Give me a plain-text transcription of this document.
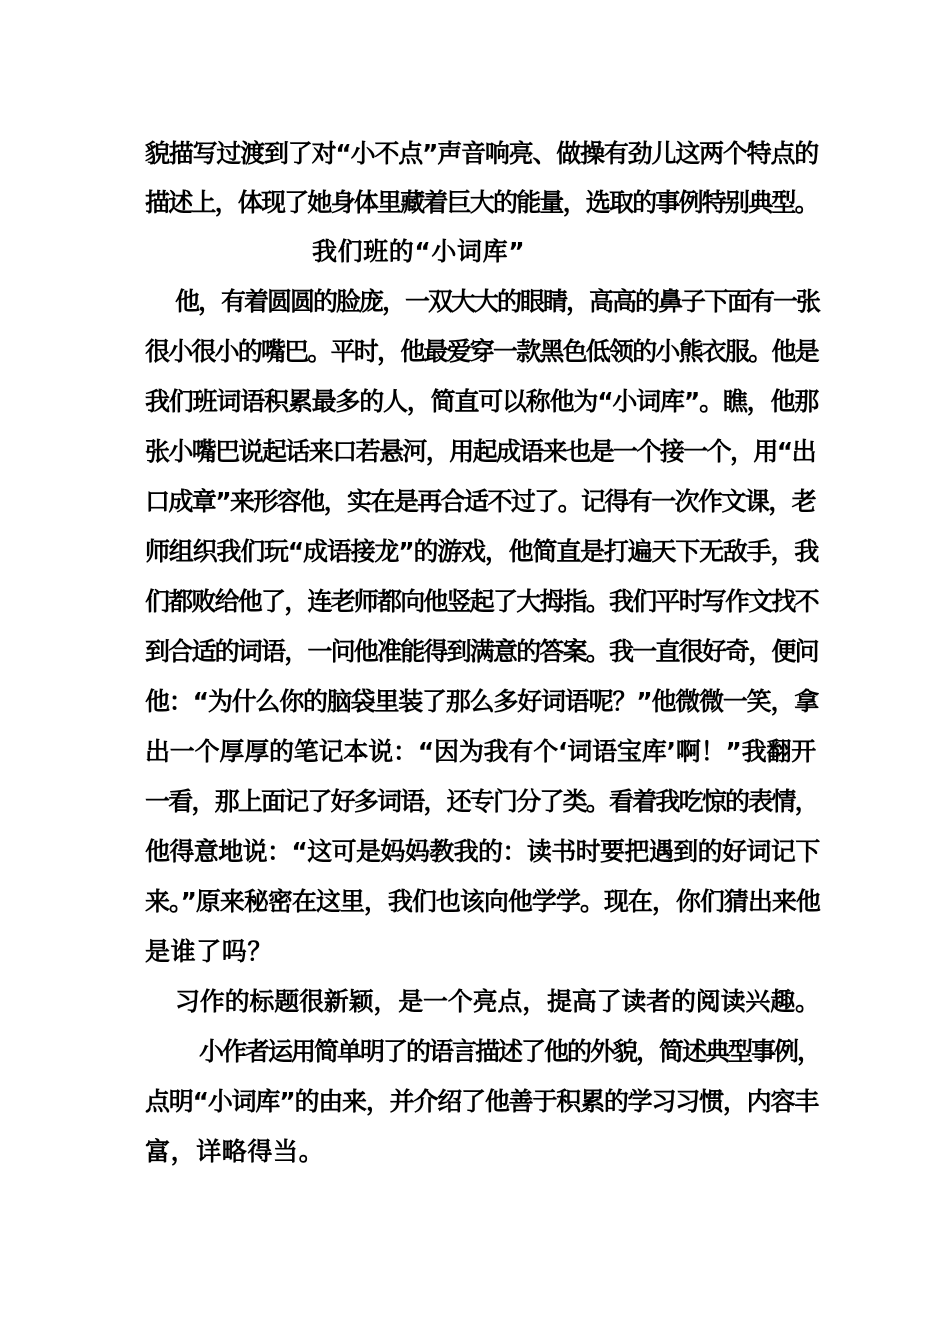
貌描写过渡到了对“小不点”声音响亮、做操有劲儿这两个特点的
描述上，体现了她身体里藏着巨大的能量，选取的事例特别典型。
我们班的“小词库”
他，有着圆圆的脸庞，一双大大的眼睛，高高的鼻子下面有一张
很小很小的嘴巴。平时，他最爱穿一款黑色低领的小熊衣服。他是
我们班词语积累最多的人，简直可以称他为“小词库”。瞧，他那
张小嘴巴说起话来口若悬河，用起成语来也是一个接一个，用“出
口成章”来形容他，实在是再合适不过了。记得有一次作文课，老
师组织我们玩“成语接龙”的游戏，他简直是打遍天下无敌手，我
们都败给他了，连老师都向他竖起了大拇指。我们平时写作文找不
到合适的词语，一问他准能得到满意的答案。我一直很好奇，便问
他：“为什么你的脑袋里装了那么多好词语呢？”他微微一笑，拿
出一个厚厚的笔记本说：“因为我有个‘词语宝库’啊！”我翻开
一看，那上面记了好多词语，还专门分了类。看着我吃惊的表情，
他得意地说：“这可是妈妈教我的：读书时要把遇到的好词记下
来。”原来秘密在这里，我们也该向他学学。现在，你们猜出来他
是谁了吗？
习作的标题很新颖，是一个亮点，提高了读者的阅读兴趣。
小作者运用简单明了的语言描述了他的外貌，简述典型事例，
点明“小词库”的由来，并介绍了他善于积累的学习习惯，内容丰
富，详略得当。
